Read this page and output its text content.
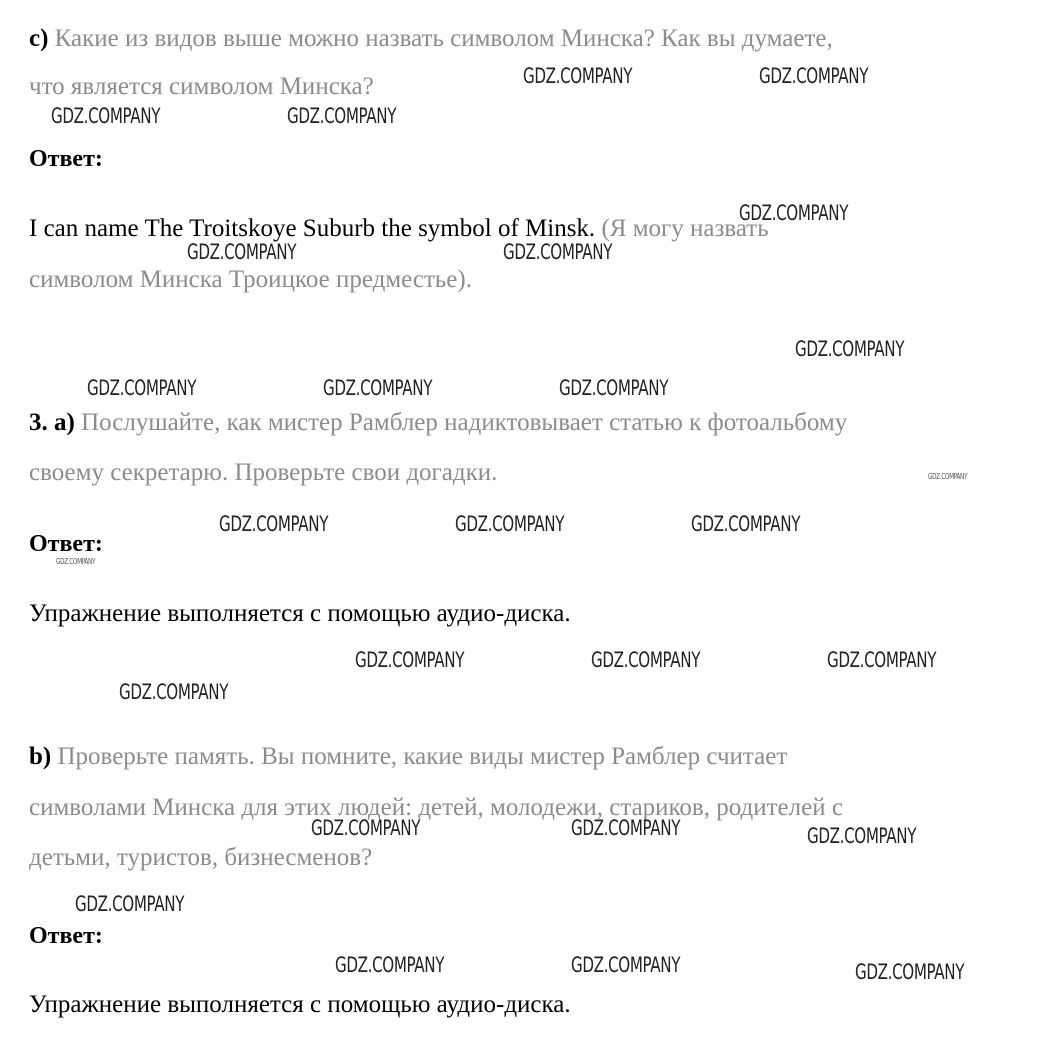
c) Какие из видов выше можно назвать символом Минска? Как вы думаете,
что является символом Минска?
Ответ:
I can name The Troitskoye Suburb the symbol of Minsk. (Я могу назвать
символом Минска Троицкое предместье).
3. a) Послушайте, как мистер Рамблер надиктовывает статью к фотоальбому
своему секретарю. Проверьте свои догадки.
Ответ:
Упражнение выполняется с помощью аудио-диска.
b) Проверьте память. Вы помните, какие виды мистер Рамблер считает
символами Минска для этих людей: детей, молодежи, стариков, родителей с
детьми, туристов, бизнесменов?
Ответ:
Упражнение выполняется с помощью аудио-диска.
GDZ.COMPANY	GDZ.COMPANY
GDZ.COMPANY	GDZ.COMPANY
GDZ.COMPANY
GDZ.COMPANY	GDZ.COMPANY
GDZ.COMPANY
GDZ.COMPANY	GDZ.COMPANY	GDZ.COMPANY
GDZ.COMPANY
GDZ.COMPANY	GDZ.COMPANY	GDZ.COMPANY
GDZ.COMPANY
GDZ.COMPANY	GDZ.COMPANY	GDZ.COMPANY
GDZ.COMPANY
GDZ.COMPANY	GDZ.COMPANY	GDZ.COMPANY
GDZ.COMPANY
GDZ.COMPANY	GDZ.COMPANY	GDZ.COMPANY
